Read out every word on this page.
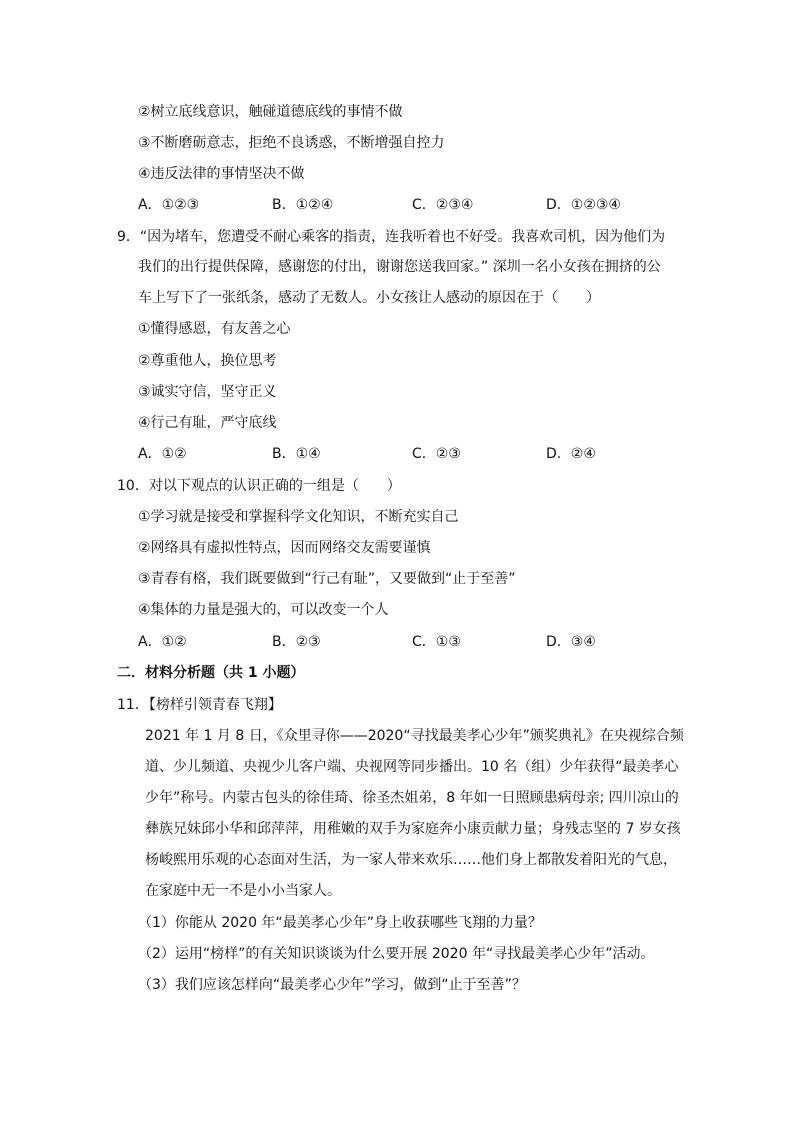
②树立底线意识，触碰道德底线的事情不做
③不断磨砺意志，拒绝不良诱惑，不断增强自控力
④违反法律的事情坚决不做
A．①②③	B．①②④	C．②③④	D．①②③④
9．“因为堵车，您遭受不耐心乘客的指责，连我听着也不好受。我喜欢司机，因为他们为
我们的出行提供保障，感谢您的付出，谢谢您送我回家。” 深圳一名小女孩在拥挤的公
车上写下了一张纸条，感动了无数人。小女孩让人感动的原因在于（　　）
①懂得感恩，有友善之心
②尊重他人，换位思考
③诚实守信，坚守正义
④行己有耻，严守底线
A．①②	B．①④	C．②③	D．②④
10．对以下观点的认识正确的一组是（　　）
①学习就是接受和掌握科学文化知识，不断充实自己
②网络具有虚拟性特点，因而网络交友需要谨慎
③青春有格，我们既要做到“行己有耻”，又要做到“止于至善”
④集体的力量是强大的，可以改变一个人
A．①②	B．②③	C．①③	D．③④
二．材料分析题（共 1 小题）
11．【榜样引领青春飞翔】
2021 年 1 月 8 日，《众里寻你——2020“寻找最美孝心少年”颁奖典礼》在央视综合频
道、少儿频道、央视少儿客户端、央视网等同步播出。10 名（组）少年获得“最美孝心
少年”称号。内蒙古包头的徐佳琦、徐圣杰姐弟，8 年如一日照顾患病母亲; 四川凉山的
彝族兄妹邱小华和邱萍萍，用稚嫩的双手为家庭奔小康贡献力量；身残志坚的 7 岁女孩
杨峻熙用乐观的心态面对生活，为一家人带来欢乐……他们身上都散发着阳光的气息，
在家庭中无一不是小小当家人。
（1）你能从 2020 年“最美孝心少年”身上收获哪些飞翔的力量？
（2）运用“榜样”的有关知识谈谈为什么要开展 2020 年“寻找最美孝心少年”活动。
（3）我们应该怎样向“最美孝心少年”学习，做到“止于至善”？
